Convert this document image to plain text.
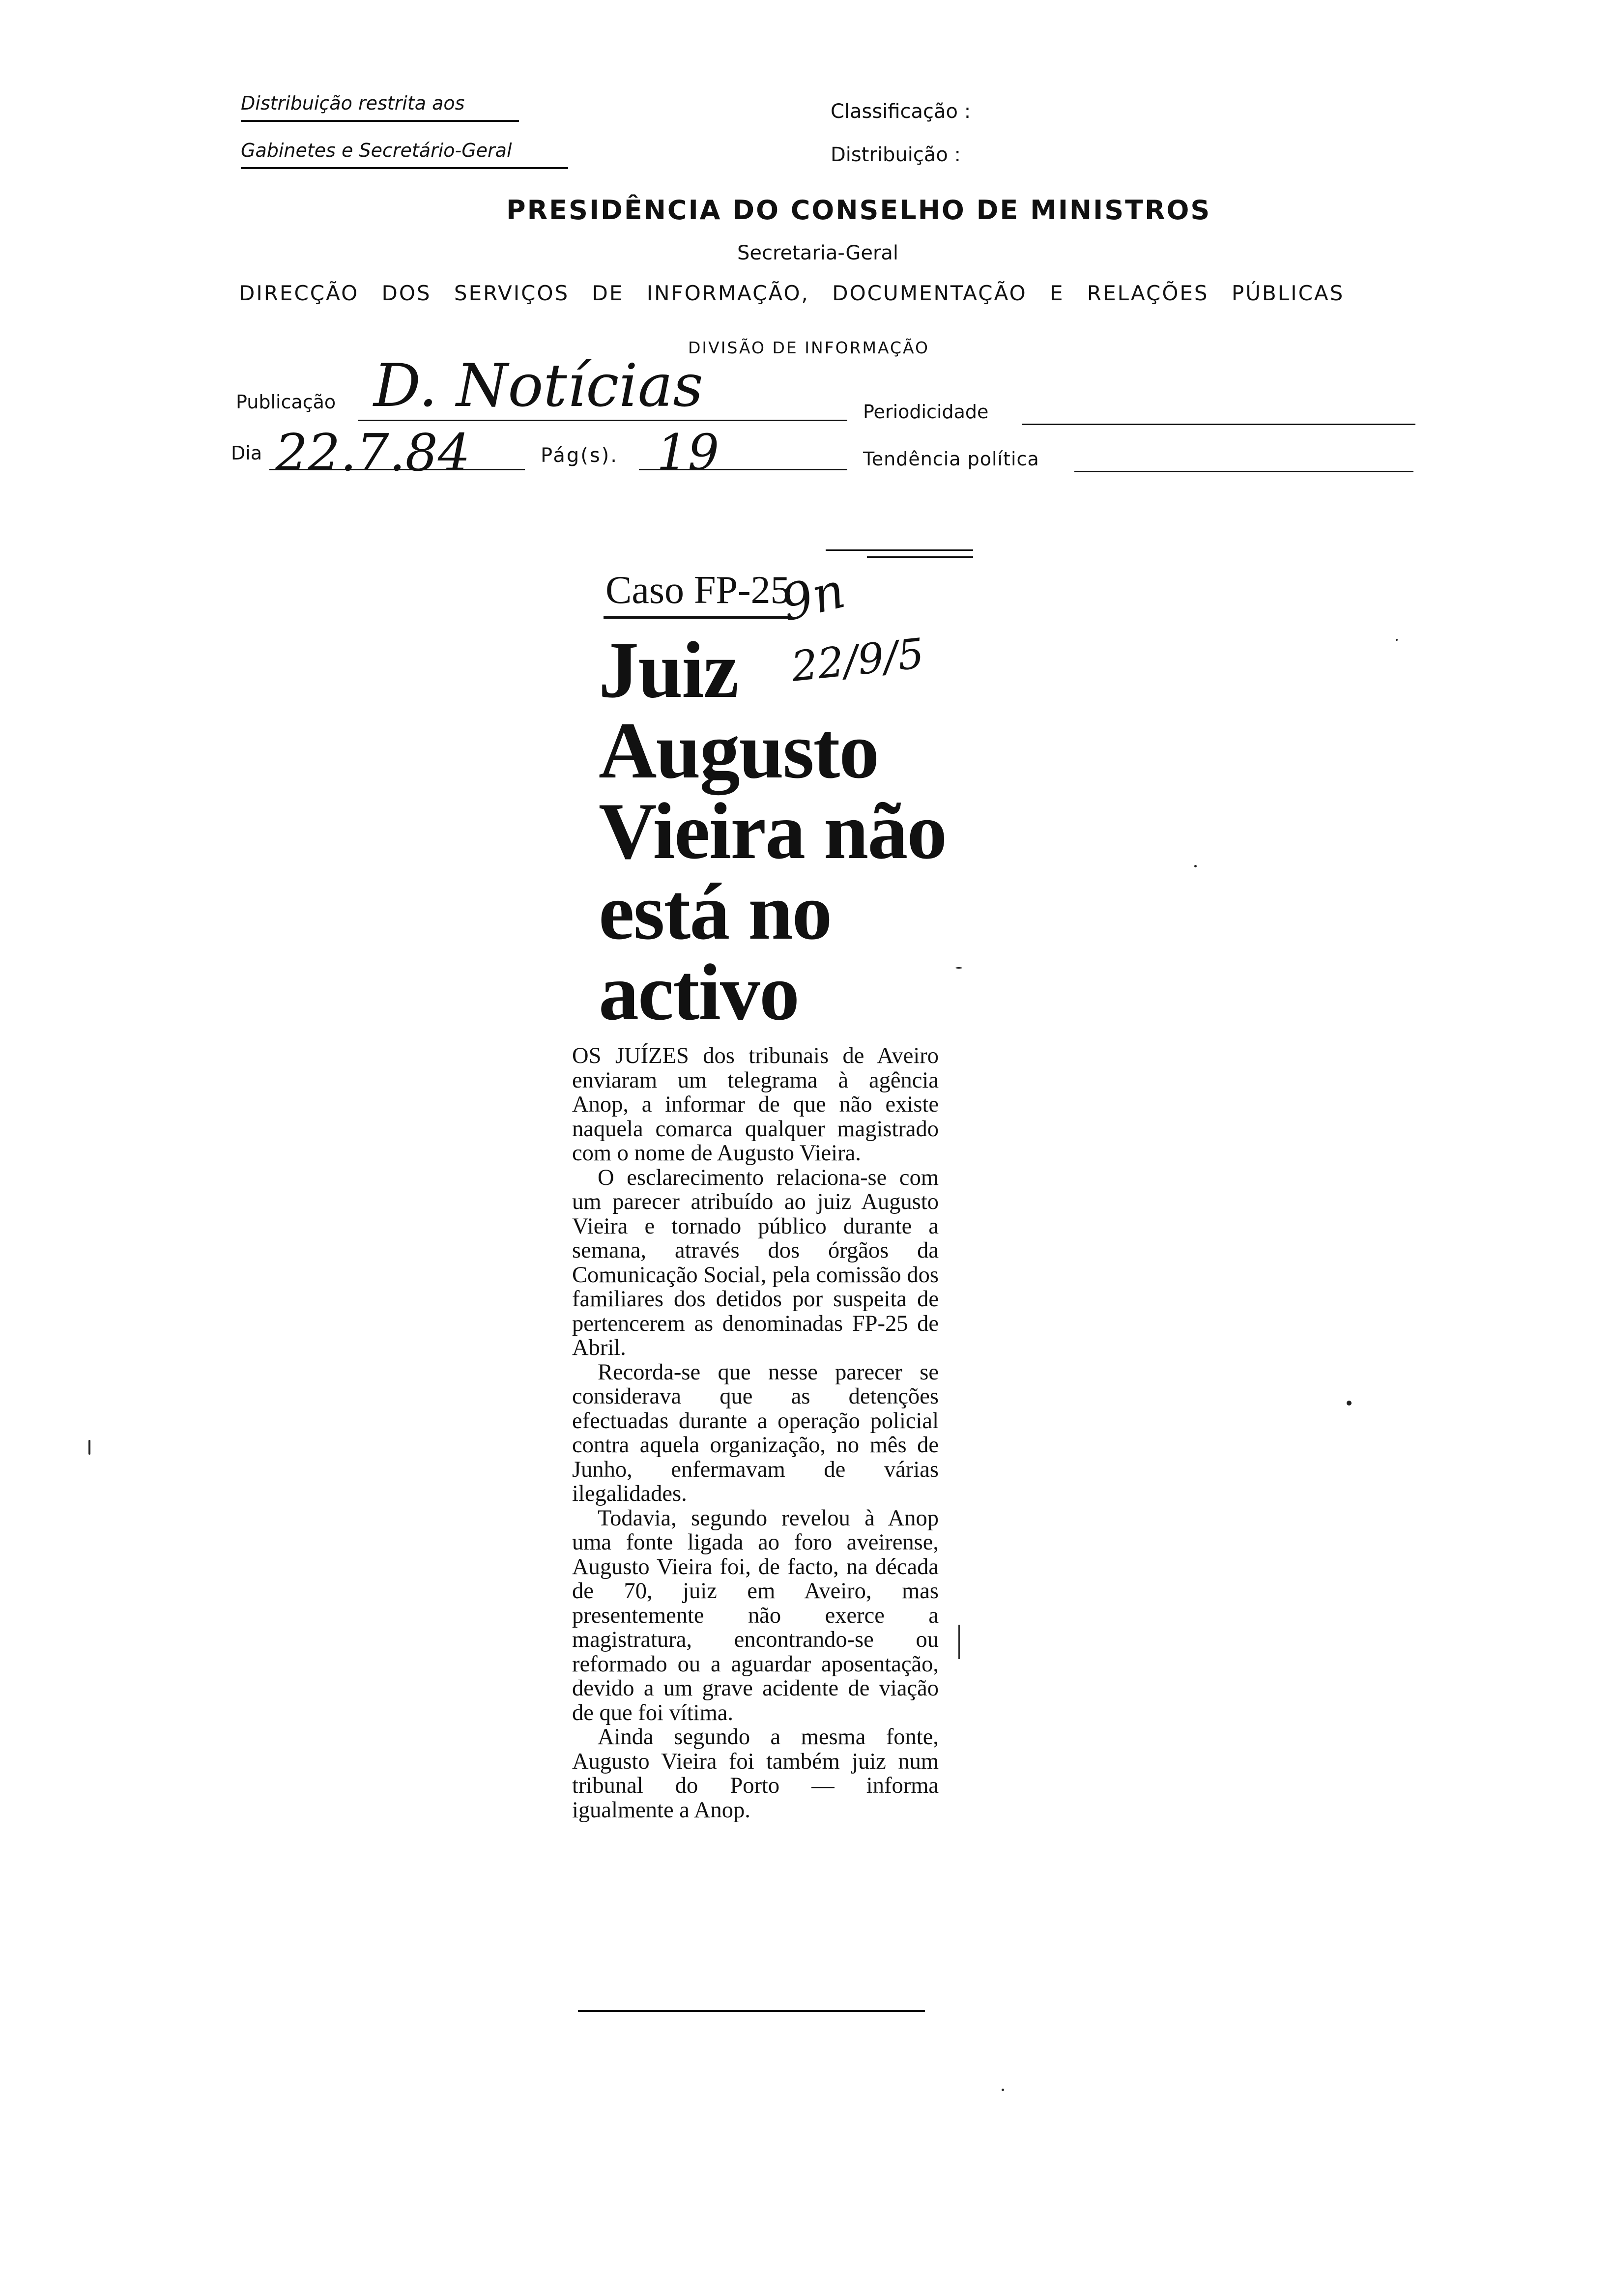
Distribuição restrita aos
Gabinetes e Secretário-Geral
Classificação :
Distribuição :
PRESIDÊNCIA DO CONSELHO DE MINISTROS
Secretaria-Geral
DIRECÇÃO DOS SERVIÇOS DE INFORMAÇÃO, DOCUMENTAÇÃO E RELAÇÕES PÚBLICAS
DIVISÃO DE INFORMAÇÃO
Publicação D. Notícias
Dia 22.7.84	Pág(s). 19
Periodicidade
Tendência política
Caso FP-25
9n
22/9/5
Juiz Augusto Vieira não está no activo

OS JUÍZES dos tribunais de Aveiro enviaram um telegrama à agência Anop, a informar de que não existe naquela comarca qualquer magistrado com o nome de Augusto Vieira.

O esclarecimento relaciona-se com um parecer atribuído ao juiz Augusto Vieira e tornado público durante a semana, através dos órgãos da Comunicação Social, pela comissão dos familiares dos detidos por suspeita de pertencerem as denominadas FP-25 de Abril.

Recorda-se que nesse parecer se considerava que as detenções efectuadas durante a operação policial contra aquela organização, no mês de Junho, enfermavam de várias ilegalidades.

Todavia, segundo revelou à Anop uma fonte ligada ao foro aveirense, Augusto Vieira foi, de facto, na década de 70, juiz em Aveiro, mas presentemente não exerce a magistratura, encontrando-se ou reformado ou a aguardar aposentação, devido a um grave acidente de viação de que foi vítima.

Ainda segundo a mesma fonte, Augusto Vieira foi também juiz num tribunal do Porto — informa igualmente a Anop.
